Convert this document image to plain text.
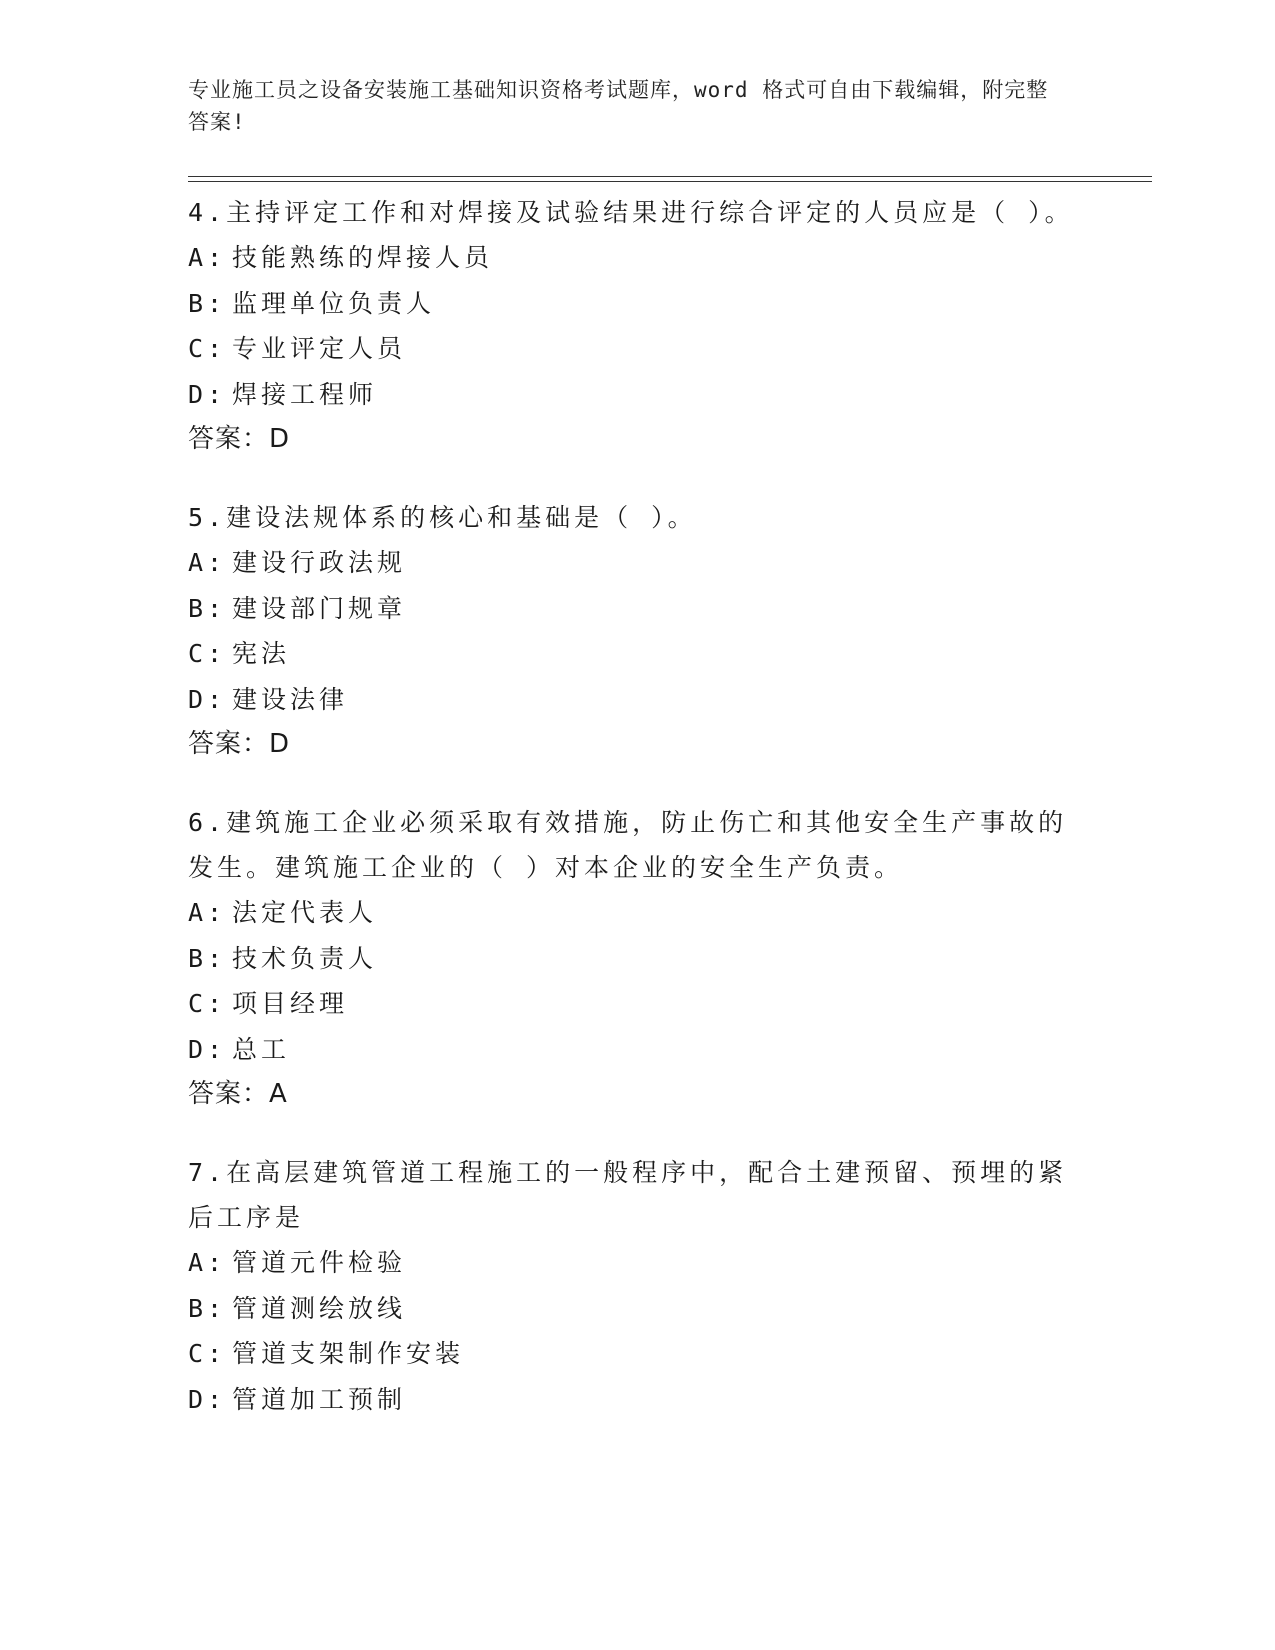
专业施工员之设备安装施工基础知识资格考试题库，word 格式可自由下载编辑，附完整答案!

4.主持评定工作和对焊接及试验结果进行综合评定的人员应是（ ）。

A: 技能熟练的焊接人员

B: 监理单位负责人

C: 专业评定人员

D: 焊接工程师

答案：D

5.建设法规体系的核心和基础是（ ）。

A: 建设行政法规

B: 建设部门规章

C: 宪法

D: 建设法律

答案：D

6.建筑施工企业必须采取有效措施，防止伤亡和其他安全生产事故的发生。建筑施工企业的（ ）对本企业的安全生产负责。

A: 法定代表人

B: 技术负责人

C: 项目经理

D: 总工

答案：A

7.在高层建筑管道工程施工的一般程序中，配合土建预留、预埋的紧后工序是

A: 管道元件检验

B: 管道测绘放线

C: 管道支架制作安装

D: 管道加工预制
